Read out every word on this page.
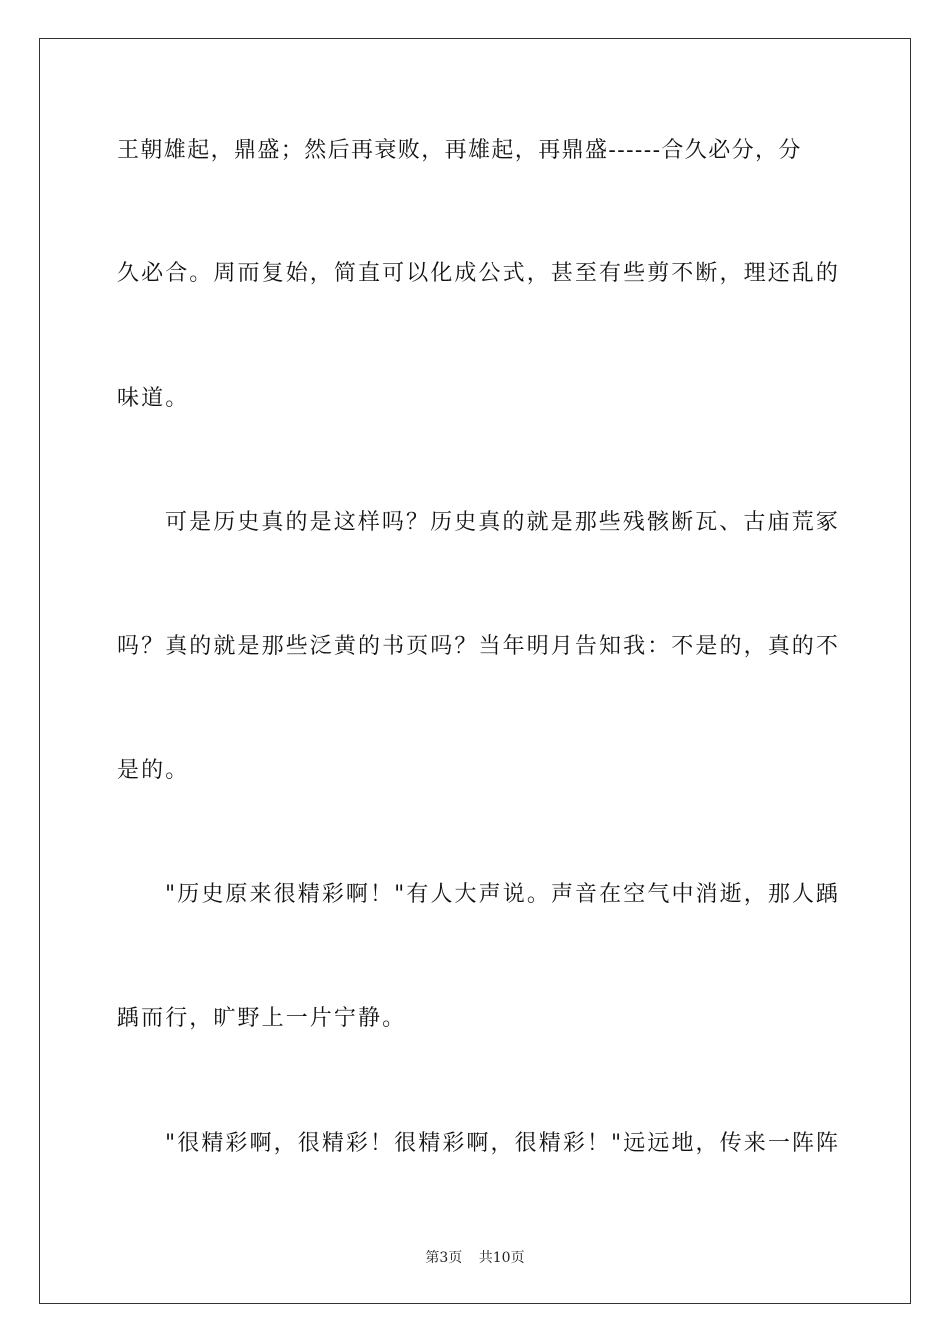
王朝雄起，鼎盛；然后再衰败，再雄起，再鼎盛------合久必分，分
久必合。周而复始，简直可以化成公式，甚至有些剪不断，理还乱的
味道。
可是历史真的是这样吗？历史真的就是那些残骸断瓦、古庙荒冢
吗？真的就是那些泛黄的书页吗？当年明月告知我：不是的，真的不
是的。
"历史原来很精彩啊！"有人大声说。声音在空气中消逝，那人踽
踽而行，旷野上一片宁静。
"很精彩啊，很精彩！很精彩啊，很精彩！"远远地，传来一阵阵
第3页 共10页
